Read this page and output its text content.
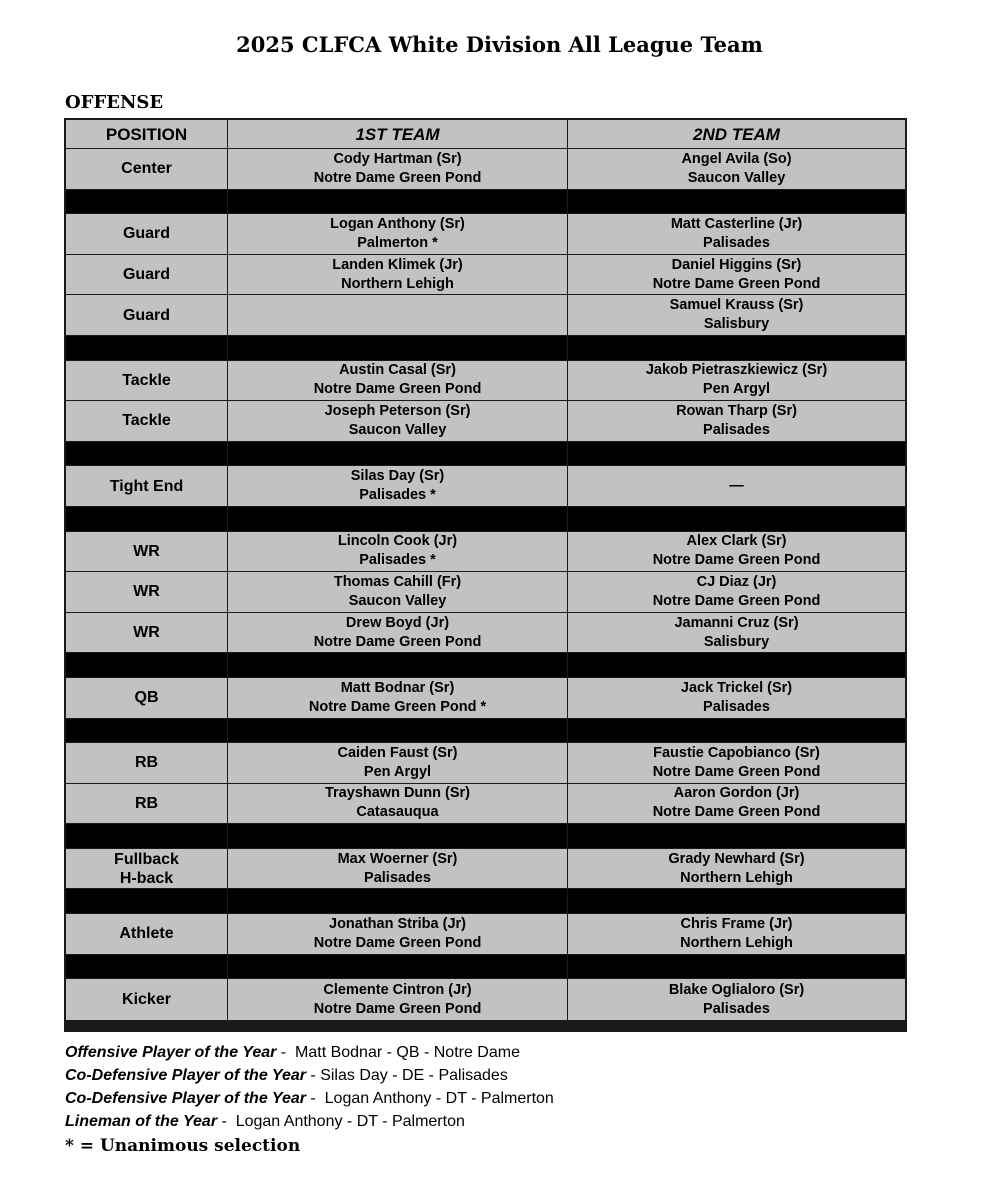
2025 CLFCA White Division All League Team
OFFENSE
POSITION	1ST TEAM	2ND TEAM
Center
Cody Hartman (Sr)
Notre Dame Green Pond
Angel Avila (So)
Saucon Valley
Guard
Logan Anthony (Sr)
Palmerton *
Matt Casterline (Jr)
Palisades
Guard
Landen Klimek (Jr)
Northern Lehigh
Daniel Higgins (Sr)
Notre Dame Green Pond
Guard
Samuel Krauss (Sr)
Salisbury
Tackle
Austin Casal (Sr)
Notre Dame Green Pond
Jakob Pietraszkiewicz (Sr)
Pen Argyl
Tackle
Joseph Peterson (Sr)
Saucon Valley
Rowan Tharp (Sr)
Palisades
Tight End
Silas Day (Sr)
Palisades *
—
WR
Lincoln Cook (Jr)
Palisades *
Alex Clark (Sr)
Notre Dame Green Pond
WR
Thomas Cahill (Fr)
Saucon Valley
CJ Diaz (Jr)
Notre Dame Green Pond
WR
Drew Boyd (Jr)
Notre Dame Green Pond
Jamanni Cruz (Sr)
Salisbury
QB
Matt Bodnar (Sr)
Notre Dame Green Pond *
Jack Trickel (Sr)
Palisades
RB
Caiden Faust (Sr)
Pen Argyl
Faustie Capobianco (Sr)
Notre Dame Green Pond
RB
Trayshawn Dunn (Sr)
Catasauqua
Aaron Gordon (Jr)
Notre Dame Green Pond
Fullback
H-back
Max Woerner (Sr)
Palisades
Grady Newhard (Sr)
Northern Lehigh
Athlete
Jonathan Striba (Jr)
Notre Dame Green Pond
Chris Frame (Jr)
Northern Lehigh
Kicker
Clemente Cintron (Jr)
Notre Dame Green Pond
Blake Oglialoro (Sr)
Palisades
Offensive Player of the Year -  Matt Bodnar - QB - Notre Dame
Co-Defensive Player of the Year - Silas Day - DE - Palisades
Co-Defensive Player of the Year -  Logan Anthony - DT - Palmerton
Lineman of the Year -  Logan Anthony - DT - Palmerton
* = Unanimous selection
